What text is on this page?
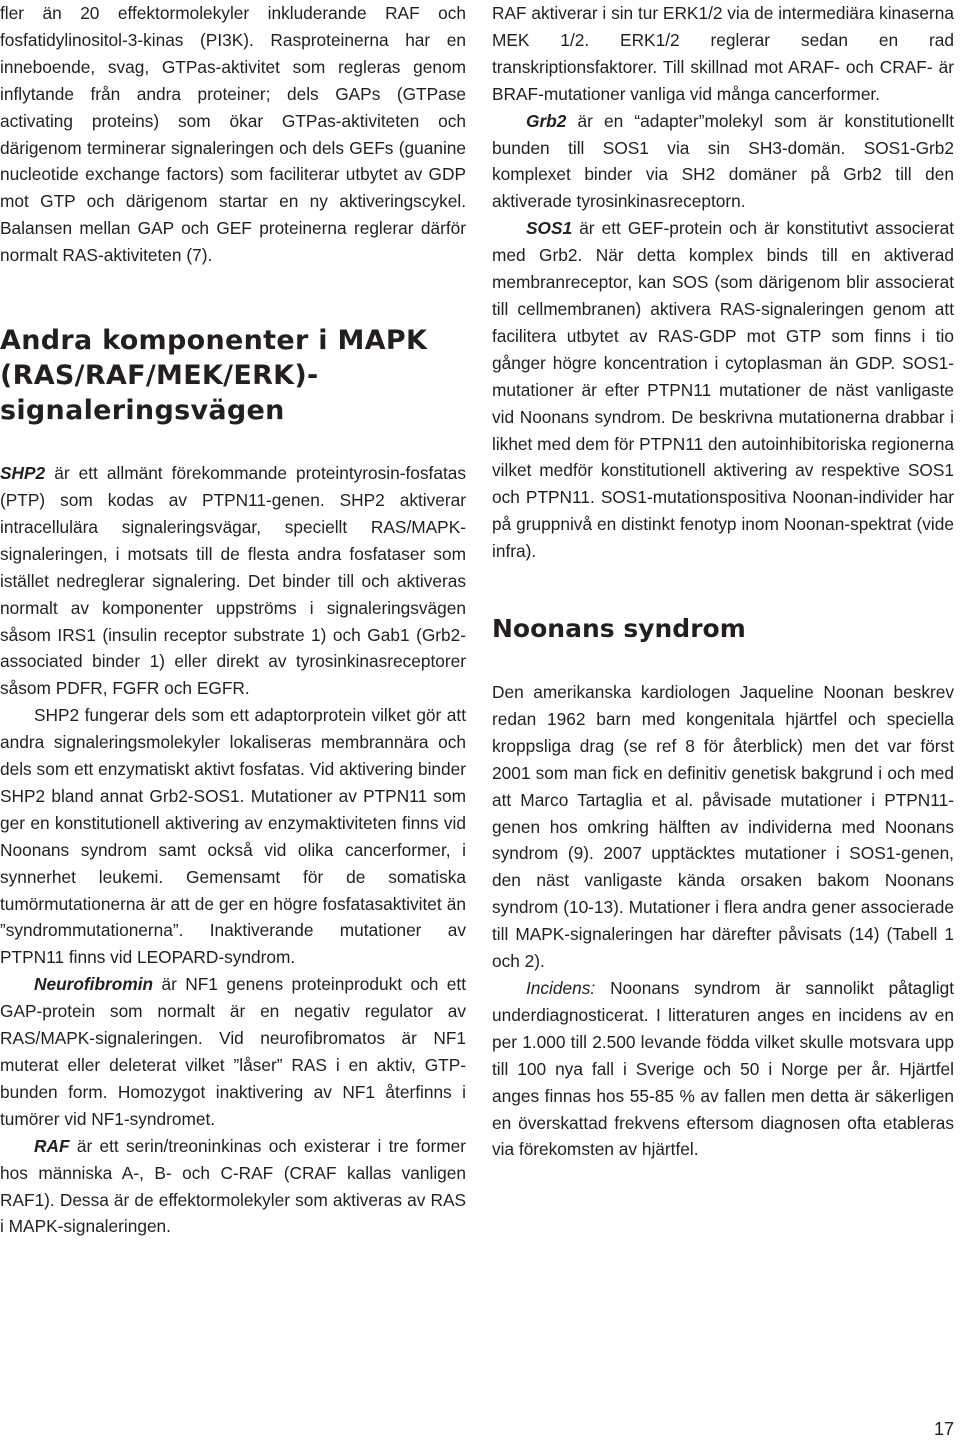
fler än 20 effektormolekyler inkluderande RAF och fosfatidylinositol-3-kinas (PI3K). Rasproteinerna har en inneboende, svag, GTPas-aktivitet som regleras genom inflytande från andra proteiner; dels GAPs (GTPase activating proteins) som ökar GTPas-aktiviteten och därigenom terminerar signaleringen och dels GEFs (guanine nucleotide exchange factors) som faciliterar utbytet av GDP mot GTP och därigenom startar en ny aktiveringscykel. Balansen mellan GAP och GEF proteinerna reglerar därför normalt RAS-aktiviteten (7).

Andra komponenter i MAPK (RAS/RAF/MEK/ERK)-signaleringsvägen

SHP2 är ett allmänt förekommande proteintyrosin-fosfatas (PTP) som kodas av PTPN11-genen. SHP2 aktiverar intracellulära signaleringsvägar, speciellt RAS/MAPK-signaleringen, i motsats till de flesta andra fosfataser som istället nedreglerar signalering. Det binder till och aktiveras normalt av komponenter uppströms i signaleringsvägen såsom IRS1 (insulin receptor substrate 1) och Gab1 (Grb2-associated binder 1) eller direkt av tyrosinkinasreceptorer såsom PDFR, FGFR och EGFR.

SHP2 fungerar dels som ett adaptorprotein vilket gör att andra signaleringsmolekyler lokaliseras membrannära och dels som ett enzymatiskt aktivt fosfatas. Vid aktivering binder SHP2 bland annat Grb2-SOS1. Mutationer av PTPN11 som ger en konstitutionell aktivering av enzymaktiviteten finns vid Noonans syndrom samt också vid olika cancerformer, i synnerhet leukemi. Gemensamt för de somatiska tumörmutationerna är att de ger en högre fosfatasaktivitet än ”syndrommutationerna”. Inaktiverande mutationer av PTPN11 finns vid LEOPARD-syndrom.

Neurofibromin är NF1 genens proteinprodukt och ett GAP-protein som normalt är en negativ regulator av RAS/MAPK-signaleringen. Vid neurofibromatos är NF1 muterat eller deleterat vilket ”låser” RAS i en aktiv, GTP-bunden form. Homozygot inaktivering av NF1 återfinns i tumörer vid NF1-syndromet.

RAF är ett serin/treoninkinas och existerar i tre former hos människa A-, B- och C-RAF (CRAF kallas vanligen RAF1). Dessa är de effektormolekyler som aktiveras av RAS i MAPK-signaleringen.

RAF aktiverar i sin tur ERK1/2 via de intermediära kinaserna MEK 1/2. ERK1/2 reglerar sedan en rad transkriptionsfaktorer. Till skillnad mot ARAF- och CRAF- är BRAF-mutationer vanliga vid många cancerformer.

Grb2 är en “adapter”molekyl som är konstitutionellt bunden till SOS1 via sin SH3-domän. SOS1-Grb2 komplexet binder via SH2 domäner på Grb2 till den aktiverade tyrosinkinasreceptorn.

SOS1 är ett GEF-protein och är konstitutivt associerat med Grb2. När detta komplex binds till en aktiverad membranreceptor, kan SOS (som därigenom blir associerat till cellmembranen) aktivera RAS-signaleringen genom att facilitera utbytet av RAS-GDP mot GTP som finns i tio gånger högre koncentration i cytoplasman än GDP. SOS1-mutationer är efter PTPN11 mutationer de näst vanligaste vid Noonans syndrom. De beskrivna mutationerna drabbar i likhet med dem för PTPN11 den autoinhibitoriska regionerna vilket medför konstitutionell aktivering av respektive SOS1 och PTPN11. SOS1-mutationspositiva Noonan-individer har på gruppnivå en distinkt fenotyp inom Noonan-spektrat (vide infra).

Noonans syndrom

Den amerikanska kardiologen Jaqueline Noonan beskrev redan 1962 barn med kongenitala hjärtfel och speciella kroppsliga drag (se ref 8 för återblick) men det var först 2001 som man fick en definitiv genetisk bakgrund i och med att Marco Tartaglia et al. påvisade mutationer i PTPN11-genen hos omkring hälften av individerna med Noonans syndrom (9). 2007 upptäcktes mutationer i SOS1-genen, den näst vanligaste kända orsaken bakom Noonans syndrom (10-13). Mutationer i flera andra gener associerade till MAPK-signaleringen har därefter påvisats (14) (Tabell 1 och 2).

Incidens: Noonans syndrom är sannolikt påtagligt underdiagnosticerat. I litteraturen anges en incidens av en per 1.000 till 2.500 levande födda vilket skulle motsvara upp till 100 nya fall i Sverige och 50 i Norge per år. Hjärtfel anges finnas hos 55-85 % av fallen men detta är säkerligen en överskattad frekvens eftersom diagnosen ofta etableras via förekomsten av hjärtfel.

17
